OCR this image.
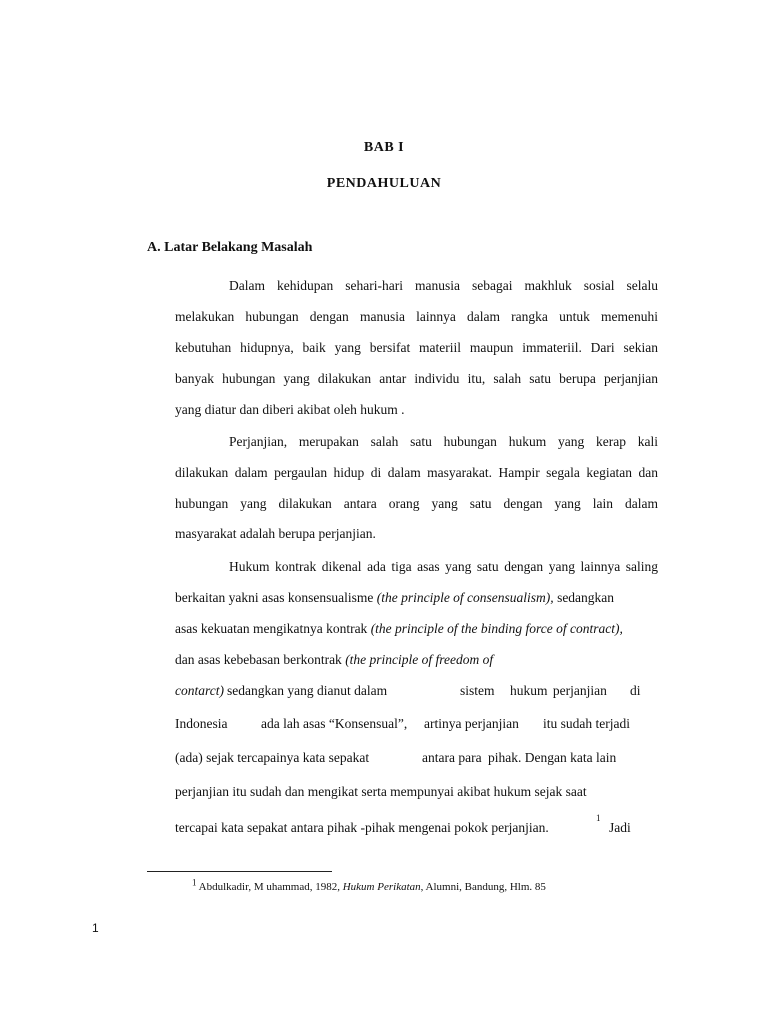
BAB I
PENDAHULUAN
A. Latar Belakang Masalah
Dalam kehidupan sehari-hari manusia sebagai makhluk sosial selalu
melakukan hubungan dengan manusia lainnya dalam rangka untuk memenuhi
kebutuhan hidupnya, baik yang bersifat materiil maupun immateriil. Dari sekian
banyak hubungan yang dilakukan antar individu itu, salah satu berupa perjanjian
yang diatur dan diberi akibat oleh hukum .
Perjanjian, merupakan salah satu hubungan hukum yang kerap kali
dilakukan dalam pergaulan hidup di dalam masyarakat. Hampir segala kegiatan dan
hubungan yang dilakukan antara orang yang satu dengan yang lain dalam
masyarakat adalah berupa perjanjian.
Hukum kontrak dikenal ada tiga asas yang satu dengan yang lainnya saling
berkaitan yakni asas konsensualisme (the principle of consensualism), sedangkan
asas kekuatan mengikatnya kontrak (the principle of the binding force of contract),
dan asas kebebasan berkontrak (the principle of freedom of
contarct) sedangkan yang dianut dalam	sistem hukum perjanjian di
Indonesia ada lah asas “Konsensual”, artinya perjanjian itu sudah terjadi
(ada) sejak tercapainya kata sepakat	antara para pihak. Dengan kata lain
perjanjian itu sudah dan mengikat serta mempunyai akibat hukum sejak saat
tercapai kata sepakat antara pihak -pihak mengenai pokok perjanjian.
1
Jadi
$^1$ Abdulkadir, M uhammad, 1982, Hukum Perikatan, Alumni, Bandung, Hlm. 85
1
